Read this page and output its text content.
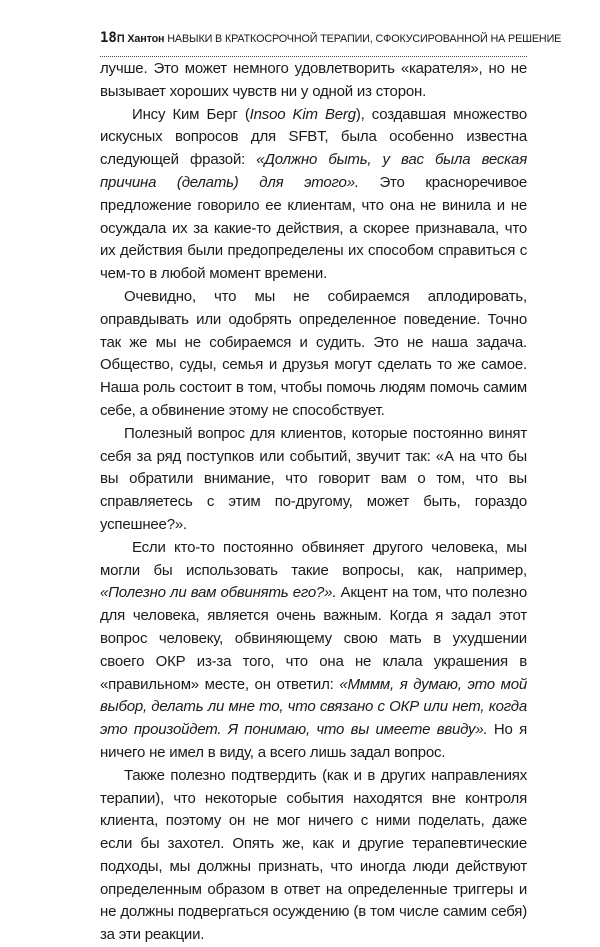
18 П Хантон НАВЫКИ В КРАТКОСРОЧНОЙ ТЕРАПИИ, СФОКУСИРОВАННОЙ НА РЕШЕНИЕ

лучше. Это может немного удовлетворить «карателя», но не вызывает хороших чувств ни у одной из сторон.

Инсу Ким Берг (Insoo Kim Berg), создавшая множество искусных вопросов для SFBT, была особенно известна следующей фразой: «Должно быть, у вас была веская причина (делать) для этого». Это красноречивое предложение говорило ее клиентам, что она не винила и не осуждала их за какие-то действия, а скорее признавала, что их действия были предопределены их способом справиться с чем-то в любой момент времени.

Очевидно, что мы не собираемся аплодировать, оправдывать или одобрять определенное поведение. Точно так же мы не собираемся и судить. Это не наша задача. Общество, суды, семья и друзья могут сделать то же самое. Наша роль состоит в том, чтобы помочь людям помочь самим себе, а обвинение этому не способствует.

Полезный вопрос для клиентов, которые постоянно винят себя за ряд поступков или событий, звучит так: «А на что бы вы обратили внимание, что говорит вам о том, что вы справляетесь с этим по-другому, может быть, гораздо успешнее?».

Если кто-то постоянно обвиняет другого человека, мы могли бы использовать такие вопросы, как, например, «Полезно ли вам обвинять его?». Акцент на том, что полезно для человека, является очень важным. Когда я задал этот вопрос человеку, обвиняющему свою мать в ухудшении своего ОКР из-за того, что она не клала украшения в «правильном» месте, он ответил: «Мммм, я думаю, это мой выбор, делать ли мне то, что связано с ОКР или нет, когда это произойдет. Я понимаю, что вы имеете ввиду». Но я ничего не имел в виду, а всего лишь задал вопрос.

Также полезно подтвердить (как и в других направлениях терапии), что некоторые события находятся вне контроля клиента, поэтому он не мог ничего с ними поделать, даже если бы захотел. Опять же, как и другие терапевтические подходы, мы должны признать, что иногда люди действуют определенным образом в ответ на определенные триггеры и не должны подвергаться осуждению (в том числе самим себя) за эти реакции.
